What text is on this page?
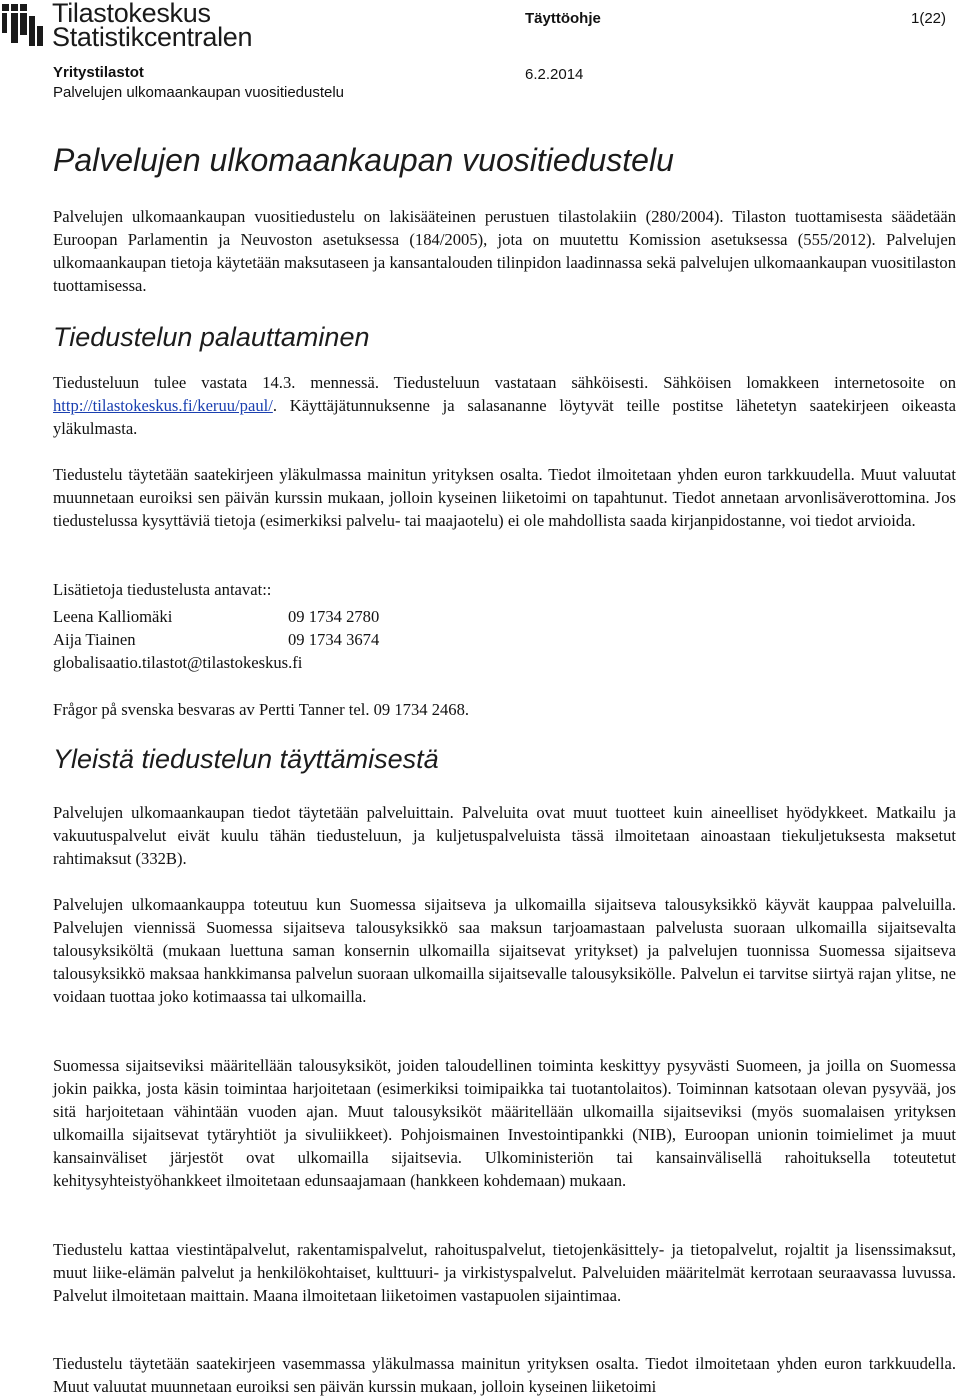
Tilastokeskus
Statistikcentralen
Täyttöohje	1(22)
Yritystilastot	6.2.2014
Palvelujen ulkomaankaupan vuositiedustelu
Palvelujen ulkomaankaupan vuositiedustelu

Palvelujen ulkomaankaupan vuositiedustelu on lakisääteinen perustuen tilastolakiin (280/2004). Tilaston tuottamisesta säädetään Euroopan Parlamentin ja Neuvoston asetuksessa (184/2005), jota on muutettu Komission asetuksessa (555/2012). Palvelujen ulkomaankaupan tietoja käytetään maksutaseen ja kansantalouden tilinpidon laadinnassa sekä palvelujen ulkomaankaupan vuositilaston tuottamisessa.

Tiedustelun palauttaminen

Tiedusteluun tulee vastata 14.3. mennessä. Tiedusteluun vastataan sähköisesti. Sähköisen lomakkeen internetosoite on http://tilastokeskus.fi/keruu/paul/. Käyttäjätunnuksenne ja salasananne löytyvät teille postitse lähetetyn saatekirjeen oikeasta yläkulmasta.

Tiedustelu täytetään saatekirjeen yläkulmassa mainitun yrityksen osalta. Tiedot ilmoitetaan yhden euron tarkkuudella. Muut valuutat muunnetaan euroiksi sen päivän kurssin mukaan, jolloin kyseinen liiketoimi on tapahtunut. Tiedot annetaan arvonlisäverottomina. Jos tiedustelussa kysyttäviä tietoja (esimerkiksi palvelu- tai maajaotelu) ei ole mahdollista saada kirjanpidostanne, voi tiedot arvioida.

Lisätietoja tiedustelusta antavat::
Leena Kalliomäki	09 1734 2780
Aija Tiainen	09 1734 3674
globalisaatio.tilastot@tilastokeskus.fi
Frågor på svenska besvaras av Pertti Tanner tel. 09 1734 2468.
Yleistä tiedustelun täyttämisestä

Palvelujen ulkomaankaupan tiedot täytetään palveluittain. Palveluita ovat muut tuotteet kuin aineelliset hyödykkeet. Matkailu ja vakuutuspalvelut eivät kuulu tähän tiedusteluun, ja kuljetuspalveluista tässä ilmoitetaan ainoastaan tiekuljetuksesta maksetut rahtimaksut (332B).

Palvelujen ulkomaankauppa toteutuu kun Suomessa sijaitseva ja ulkomailla sijaitseva talousyksikkö käyvät kauppaa palveluilla. Palvelujen viennissä Suomessa sijaitseva talousyksikkö saa maksun tarjoamastaan palvelusta suoraan ulkomailla sijaitsevalta talousyksiköltä (mukaan luettuna saman konsernin ulkomailla sijaitsevat yritykset) ja palvelujen tuonnissa Suomessa sijaitseva talousyksikkö maksaa hankkimansa palvelun suoraan ulkomailla sijaitsevalle talousyksikölle. Palvelun ei tarvitse siirtyä rajan ylitse, ne voidaan tuottaa joko kotimaassa tai ulkomailla.

Suomessa sijaitseviksi määritellään talousyksiköt, joiden taloudellinen toiminta keskittyy pysyvästi Suomeen, ja joilla on Suomessa jokin paikka, josta käsin toimintaa harjoitetaan (esimerkiksi toimipaikka tai tuotantolaitos). Toiminnan katsotaan olevan pysyvää, jos sitä harjoitetaan vähintään vuoden ajan. Muut talousyksiköt määritellään ulkomailla sijaitseviksi (myös suomalaisen yrityksen ulkomailla sijaitsevat tytäryhtiöt ja sivuliikkeet). Pohjoismainen Investointipankki (NIB), Euroopan unionin toimielimet ja muut kansainväliset järjestöt ovat ulkomailla sijaitsevia. Ulkoministeriön tai kansainvälisellä rahoituksella toteutetut kehitysyhteistyöhankkeet ilmoitetaan edunsaajamaan (hankkeen kohdemaan) mukaan.

Tiedustelu kattaa viestintäpalvelut, rakentamispalvelut, rahoituspalvelut, tietojenkäsittely- ja tietopalvelut, rojaltit ja lisenssimaksut, muut liike-elämän palvelut ja henkilökohtaiset, kulttuuri- ja virkistyspalvelut. Palveluiden määritelmät kerrotaan seuraavassa luvussa. Palvelut ilmoitetaan maittain. Maana ilmoitetaan liiketoimen vastapuolen sijaintimaa.

Tiedustelu täytetään saatekirjeen vasemmassa yläkulmassa mainitun yrityksen osalta. Tiedot ilmoitetaan yhden euron tarkkuudella. Muut valuutat muunnetaan euroiksi sen päivän kurssin mukaan, jolloin kyseinen liiketoimi
